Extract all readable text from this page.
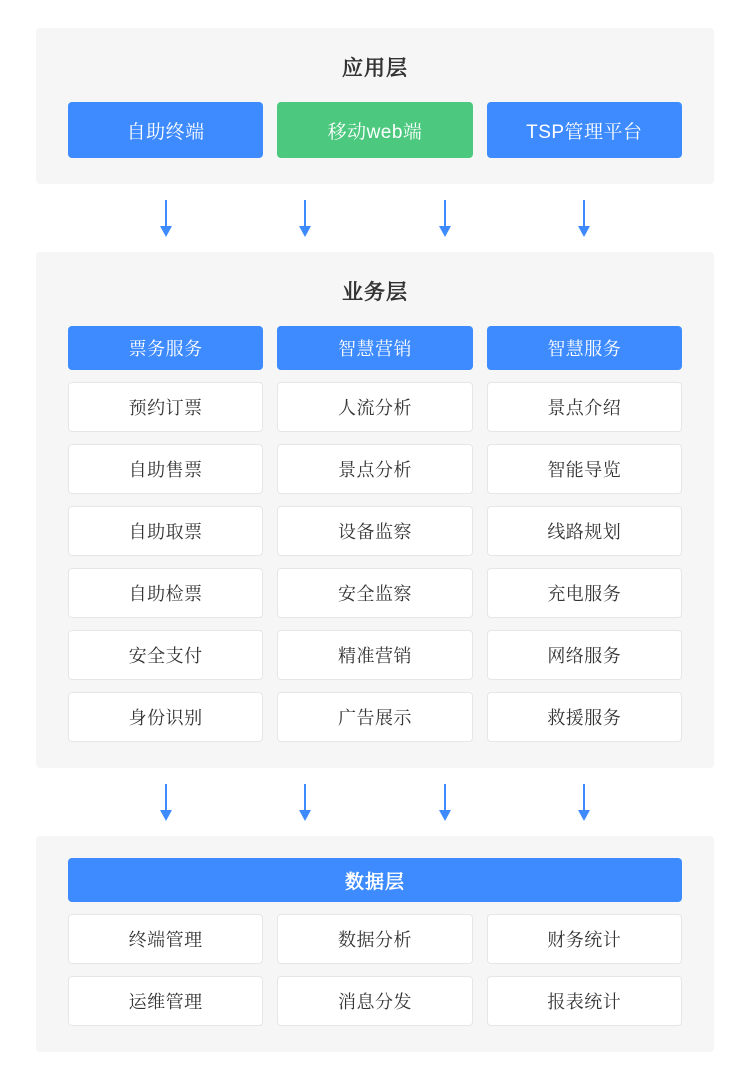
应用层
自助终端	移动web端	TSP管理平台
业务层
票务服务	智慧营销	智慧服务
预约订票	人流分析	景点介绍
自助售票	景点分析	智能导览
自助取票	设备监察	线路规划
自助检票	安全监察	充电服务
安全支付	精准营销	网络服务
身份识别	广告展示	救援服务
数据层
终端管理	数据分析	财务统计
运维管理	消息分发	报表统计
